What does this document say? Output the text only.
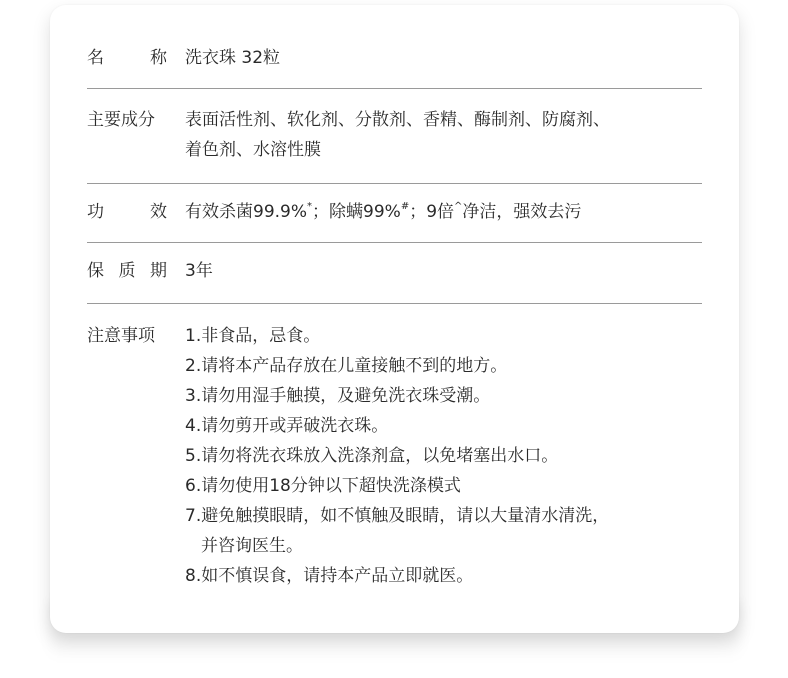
名	称 洗衣珠 32粒
主要成分	表面活性剂、软化剂、分散剂、香精、酶制剂、防腐剂、
着色剂、水溶性膜
功	效 有效杀菌99.9%*；除螨99%#；9倍^净洁，强效去污
保 质 期 3年
注意事项	1.非食品，忌食。
2.请将本产品存放在儿童接触不到的地方。
3.请勿用湿手触摸，及避免洗衣珠受潮。
4.请勿剪开或弄破洗衣珠。
5.请勿将洗衣珠放入洗涤剂盒，以免堵塞出水口。
6.请勿使用18分钟以下超快洗涤模式
7.避免触摸眼睛，如不慎触及眼睛，请以大量清水清洗，
并咨询医生。
8.如不慎误食，请持本产品立即就医。
